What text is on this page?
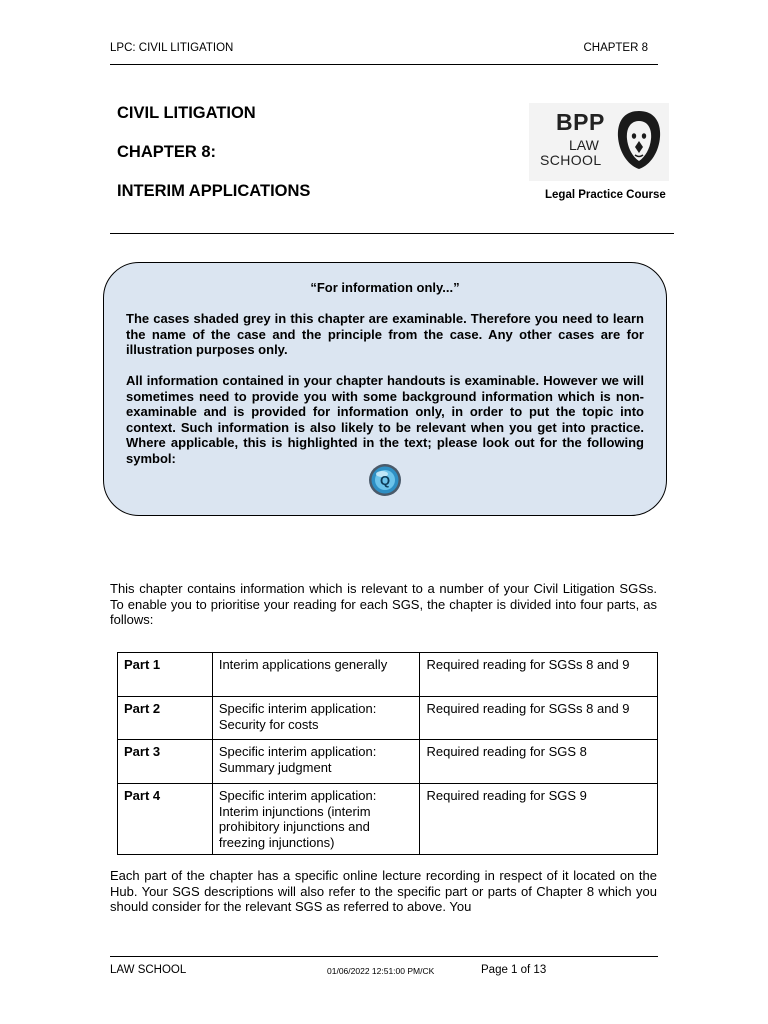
LPC: CIVIL LITIGATION	CHAPTER 8
CIVIL LITIGATION
CHAPTER 8:
INTERIM APPLICATIONS
BPP
LAW
SCHOOL
Legal Practice Course
“For information only...”
The cases shaded grey in this chapter are examinable. Therefore you need to learn the name of the case and the principle from the case. Any other cases are for illustration purposes only.
All information contained in your chapter handouts is examinable. However we will sometimes need to provide you with some background information which is non-examinable and is provided for information only, in order to put the topic into context. Such information is also likely to be relevant when you get into practice. Where applicable, this is highlighted in the text; please look out for the following symbol:
Q

This chapter contains information which is relevant to a number of your Civil Litigation SGSs. To enable you to prioritise your reading for each SGS, the chapter is divided into four parts, as follows:

Part 1	Interim applications generally	Required reading for SGSs 8 and 9
Part 2	Specific interim application: Security for costs	Required reading for SGSs 8 and 9
Part 3	Specific interim application: Summary judgment	Required reading for SGS 8
Part 4	Specific interim application: Interim injunctions (interim prohibitory injunctions and freezing injunctions)	Required reading for SGS 9

Each part of the chapter has a specific online lecture recording in respect of it located on the Hub. Your SGS descriptions will also refer to the specific part or parts of Chapter 8 which you should consider for the relevant SGS as referred to above. You

LAW SCHOOL	01/06/2022 12:51:00 PM/CK	Page 1 of 13
